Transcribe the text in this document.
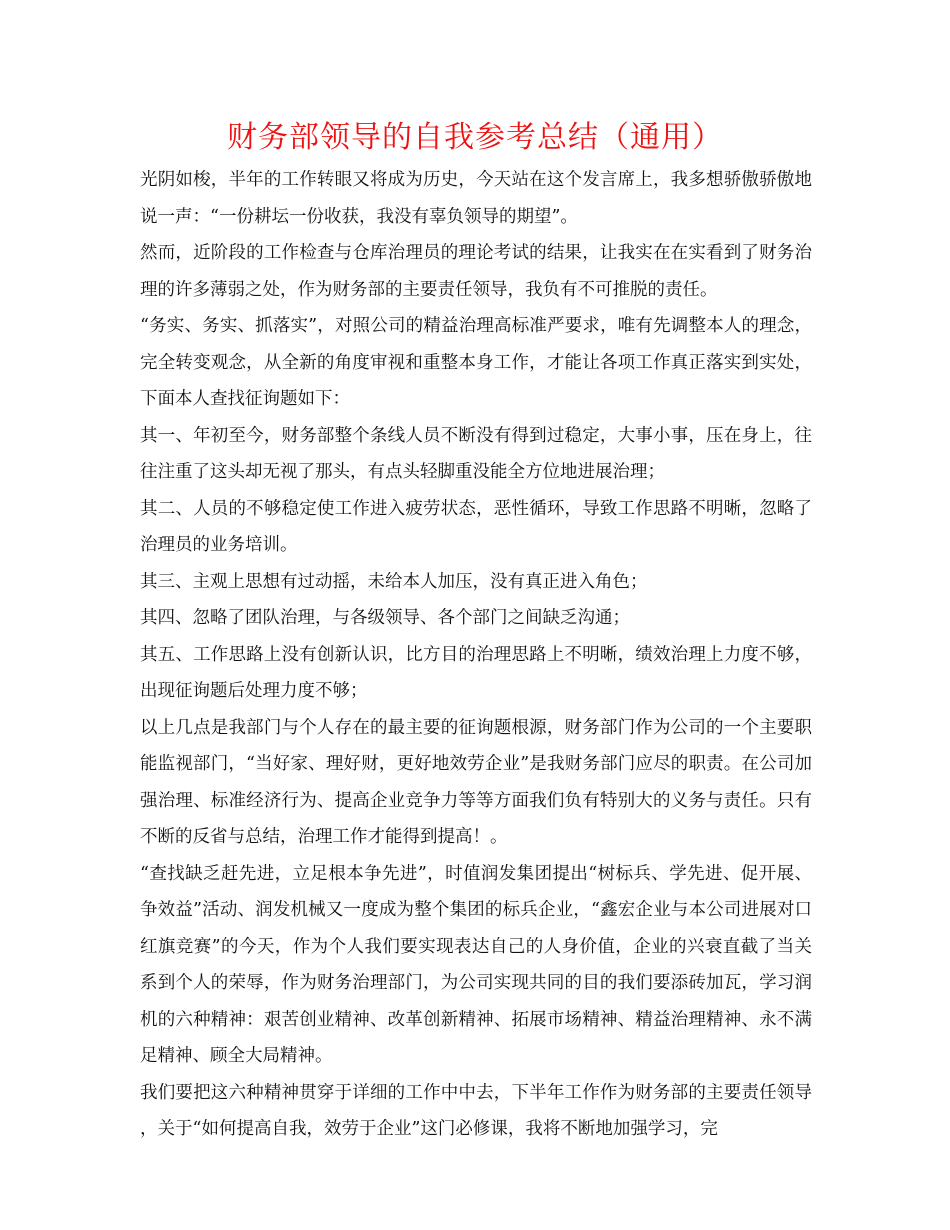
财务部领导的自我参考总结（通用）

光阴如梭，半年的工作转眼又将成为历史，今天站在这个发言席上，我多想骄傲骄傲地说一声：“一份耕坛一份收获，我没有辜负领导的期望”。

然而，近阶段的工作检查与仓库治理员的理论考试的结果，让我实在在实看到了财务治理的许多薄弱之处，作为财务部的主要责任领导，我负有不可推脱的责任。

“务实、务实、抓落实”，对照公司的精益治理高标准严要求，唯有先调整本人的理念，完全转变观念，从全新的角度审视和重整本身工作，才能让各项工作真正落实到实处，下面本人查找征询题如下：

其一、年初至今，财务部整个条线人员不断没有得到过稳定，大事小事，压在身上，往往注重了这头却无视了那头，有点头轻脚重没能全方位地进展治理；

其二、人员的不够稳定使工作进入疲劳状态，恶性循环，导致工作思路不明晰，忽略了治理员的业务培训。

其三、主观上思想有过动摇，未给本人加压，没有真正进入角色；

其四、忽略了团队治理，与各级领导、各个部门之间缺乏沟通；

其五、工作思路上没有创新认识，比方目的治理思路上不明晰，绩效治理上力度不够，出现征询题后处理力度不够；

以上几点是我部门与个人存在的最主要的征询题根源，财务部门作为公司的一个主要职能监视部门，“当好家、理好财，更好地效劳企业”是我财务部门应尽的职责。在公司加强治理、标准经济行为、提高企业竞争力等等方面我们负有特别大的义务与责任。只有不断的反省与总结，治理工作才能得到提高！。

“查找缺乏赶先进，立足根本争先进”，时值润发集团提出“树标兵、学先进、促开展、争效益”活动、润发机械又一度成为整个集团的标兵企业，“鑫宏企业与本公司进展对口红旗竞赛”的今天，作为个人我们要实现表达自己的人身价值，企业的兴衰直截了当关系到个人的荣辱，作为财务治理部门，为公司实现共同的目的我们要添砖加瓦，学习润机的六种精神：艰苦创业精神、改革创新精神、拓展市场精神、精益治理精神、永不满足精神、顾全大局精神。

我们要把这六种精神贯穿于详细的工作中中去，下半年工作作为财务部的主要责任领导，关于“如何提高自我，效劳于企业”这门必修课，我将不断地加强学习，完
